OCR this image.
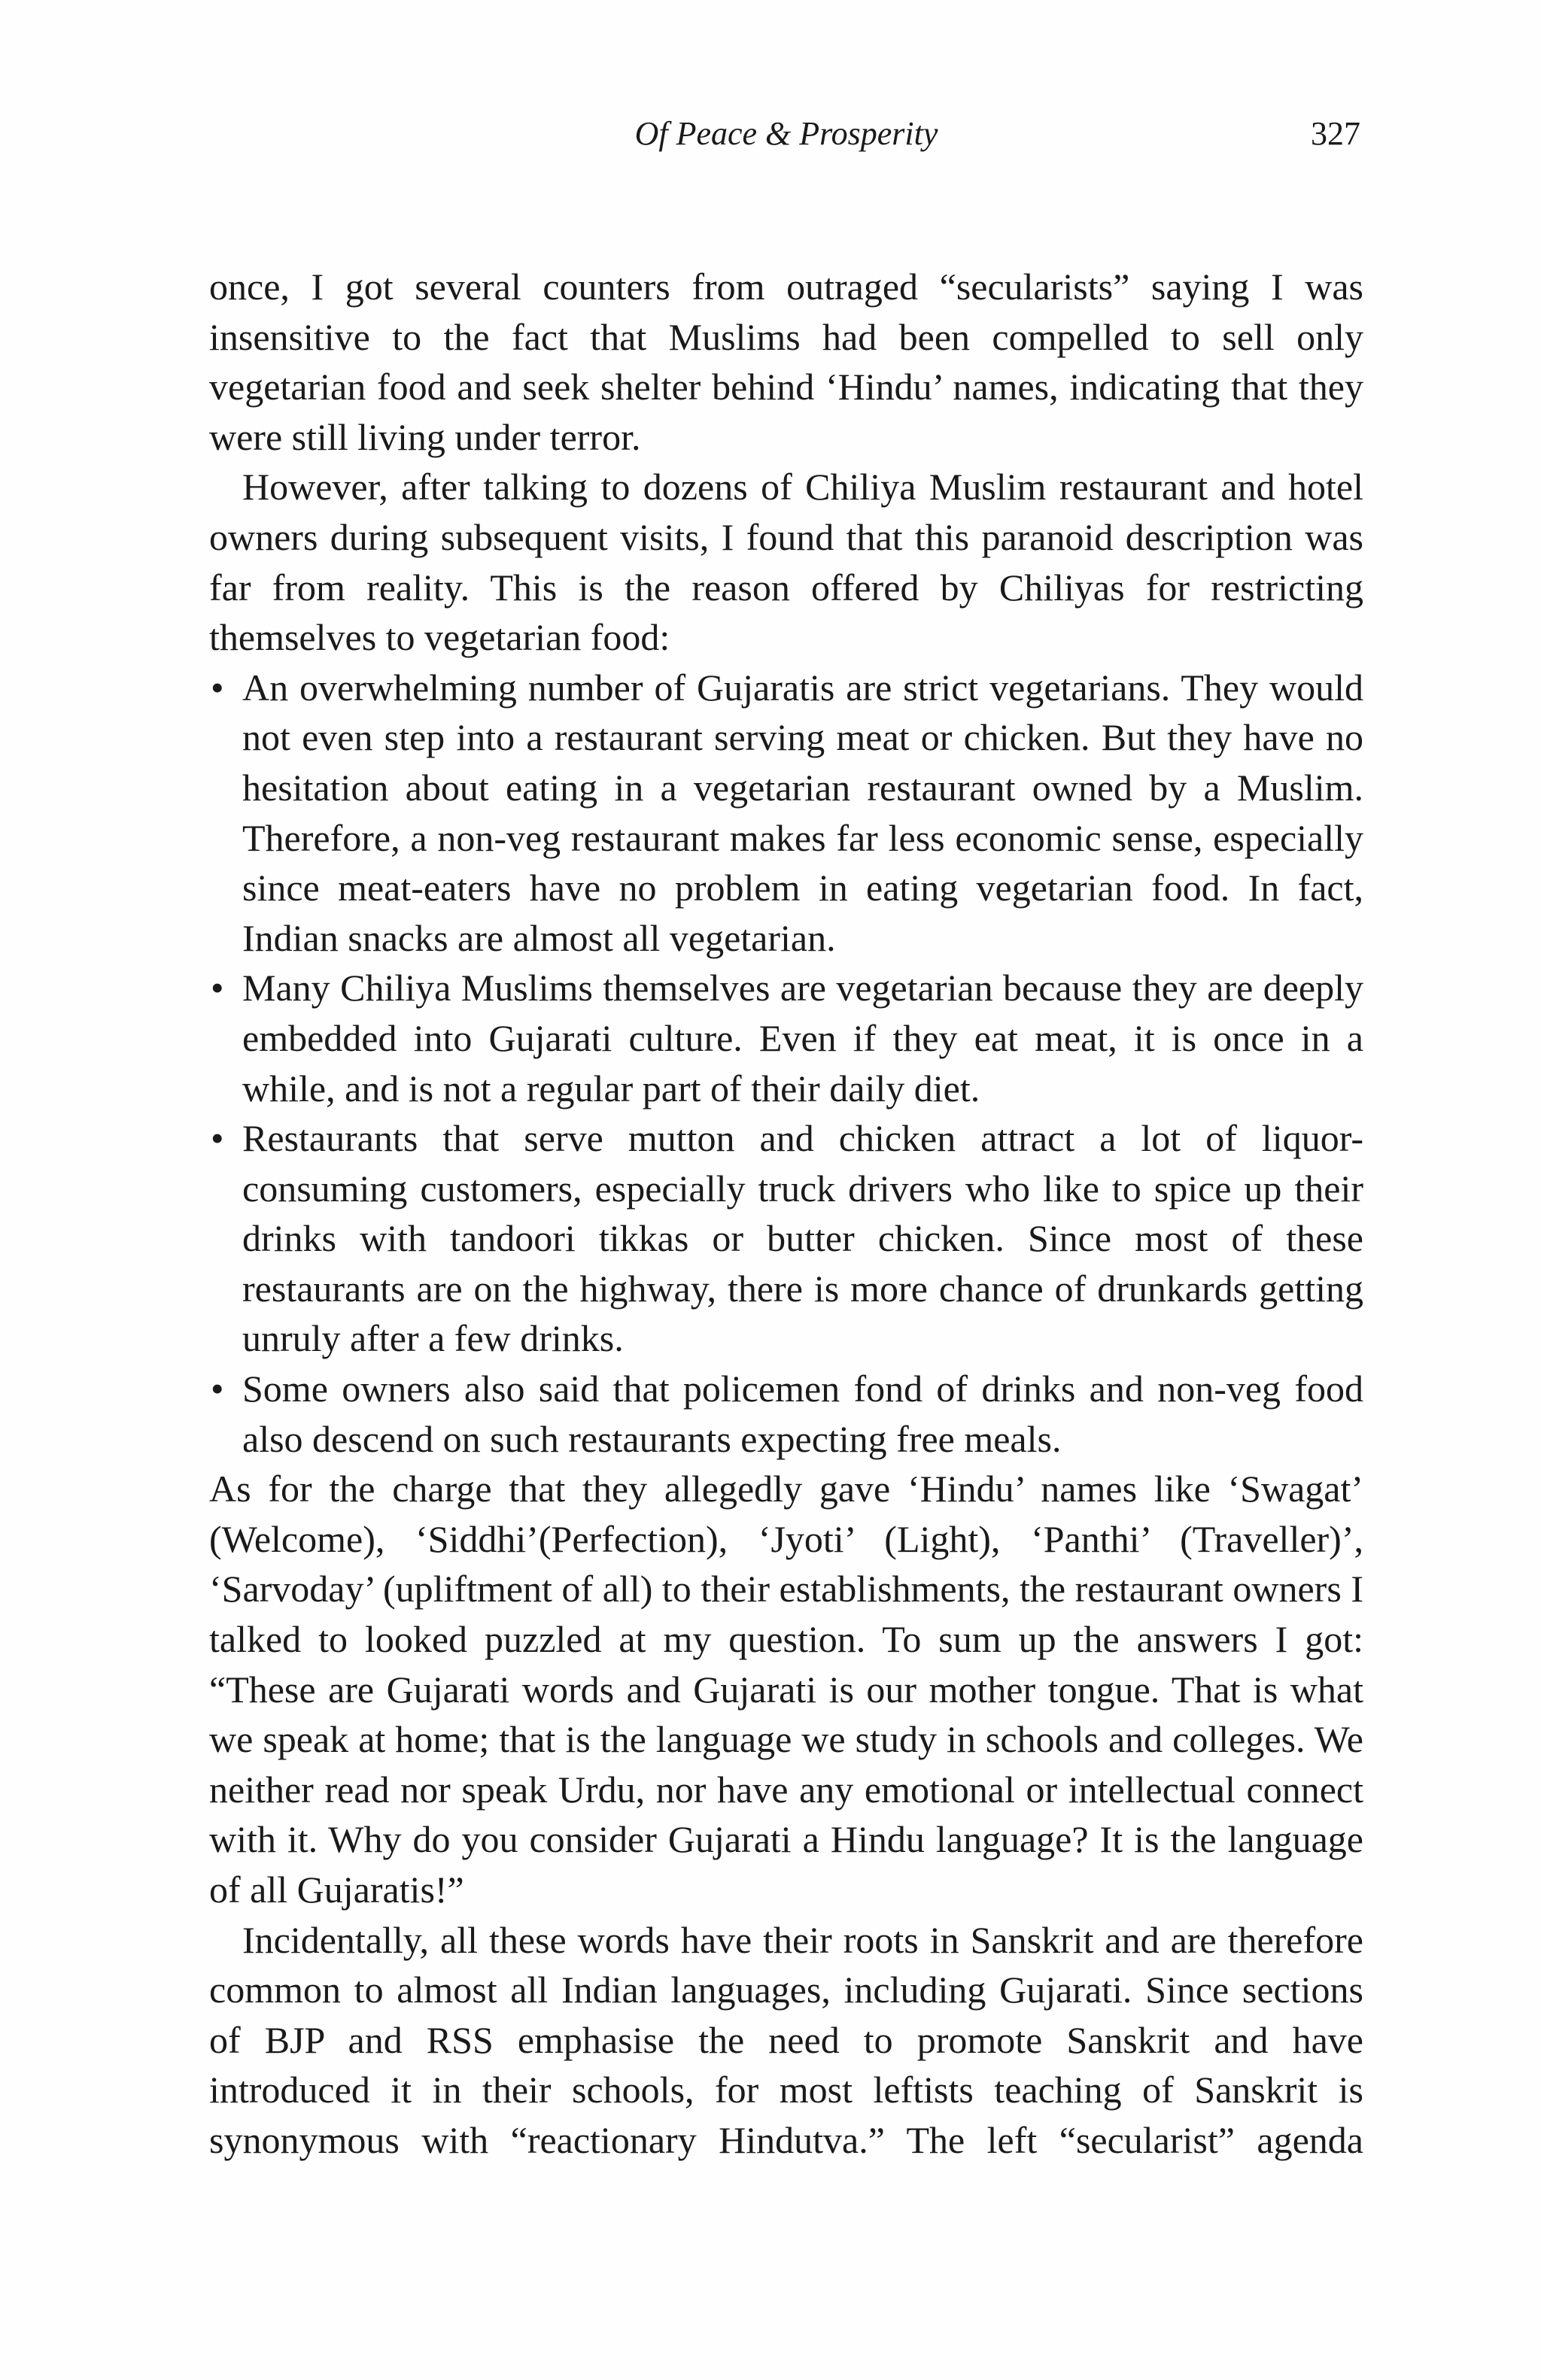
Of Peace & Prosperity	327

once, I got several counters from outraged “secularists” saying I was insensitive to the fact that Muslims had been compelled to sell only vegetarian food and seek shelter behind ‘Hindu’ names, indicating that they were still living under terror.

However, after talking to dozens of Chiliya Muslim restaurant and hotel owners during subsequent visits, I found that this paranoid description was far from reality. This is the reason offered by Chiliyas for restricting themselves to vegetarian food:

• An overwhelming number of Gujaratis are strict vegetarians. They would not even step into a restaurant serving meat or chicken. But they have no hesitation about eating in a vegetarian restaurant owned by a Muslim. Therefore, a non-veg restaurant makes far less economic sense, especially since meat-eaters have no problem in eating vegetarian food. In fact, Indian snacks are almost all vegetarian.
• Many Chiliya Muslims themselves are vegetarian because they are deeply embedded into Gujarati culture. Even if they eat meat, it is once in a while, and is not a regular part of their daily diet.
• Restaurants that serve mutton and chicken attract a lot of liquor-consuming customers, especially truck drivers who like to spice up their drinks with tandoori tikkas or butter chicken. Since most of these restaurants are on the highway, there is more chance of drunkards getting unruly after a few drinks.
• Some owners also said that policemen fond of drinks and non-veg food also descend on such restaurants expecting free meals.

As for the charge that they allegedly gave ‘Hindu’ names like ‘Swagat’ (Welcome), ‘Siddhi’(Perfection), ‘Jyoti’ (Light), ‘Panthi’ (Traveller)’, ‘Sarvoday’ (upliftment of all) to their establishments, the restaurant owners I talked to looked puzzled at my question. To sum up the answers I got: “These are Gujarati words and Gujarati is our mother tongue. That is what we speak at home; that is the language we study in schools and colleges. We neither read nor speak Urdu, nor have any emotional or intellectual connect with it. Why do you consider Gujarati a Hindu language? It is the language of all Gujaratis!”

Incidentally, all these words have their roots in Sanskrit and are therefore common to almost all Indian languages, including Gujarati. Since sections of BJP and RSS emphasise the need to promote Sanskrit and have introduced it in their schools, for most leftists teaching of Sanskrit is synonymous with “reactionary Hindutva.” The left “secularist” agenda
